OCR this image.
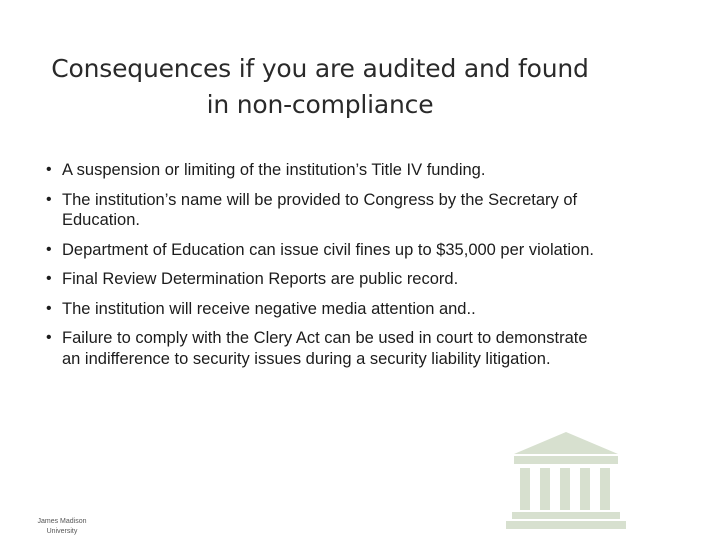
Consequences if you are audited and found
in non-compliance
• A suspension or limiting of the institution’s Title IV funding.
• The institution’s name will be provided to Congress by the Secretary of Education.
• Department of Education can issue civil fines up to $35,000 per violation.
• Final Review Determination Reports are public record.
• The institution will receive negative media attention and..
• Failure to comply with the Clery Act can be used in court to demonstrate an indifference to security issues during a security liability litigation.
James Madison
University
